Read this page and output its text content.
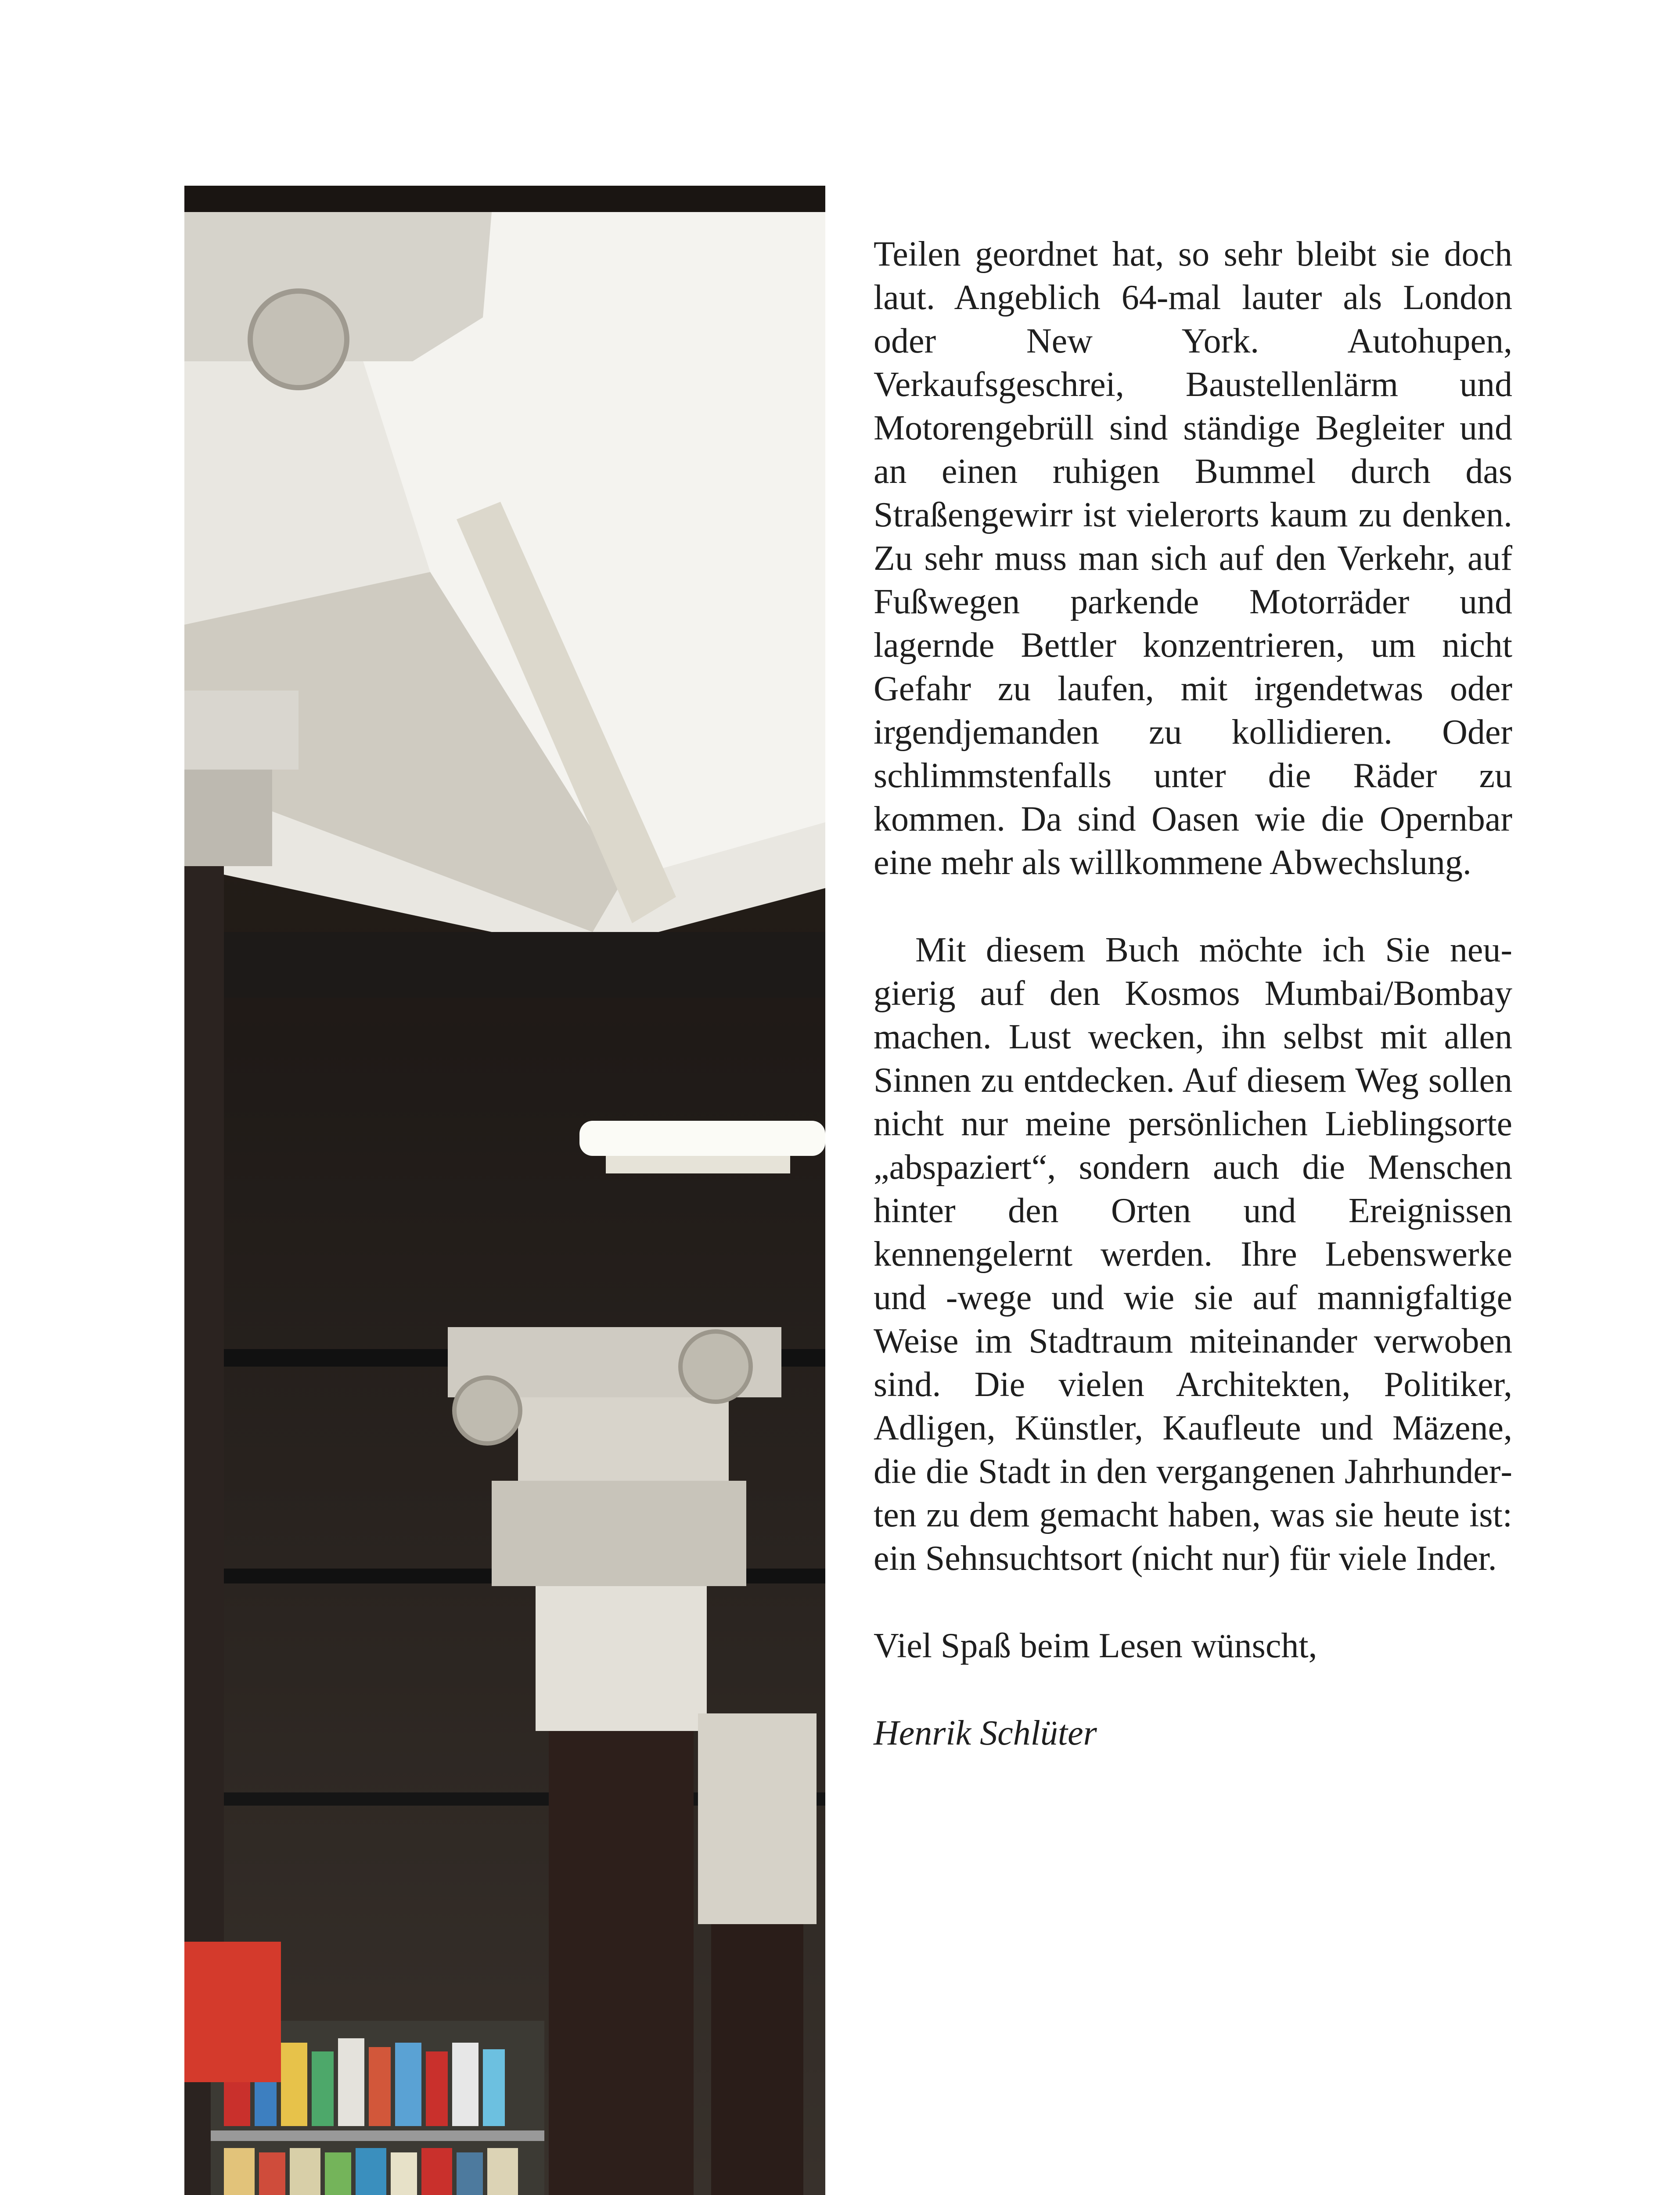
Teilen geordnet hat, so sehr bleibt sie doch laut. Angeblich 64-mal lauter als London oder New York. Autohupen, Verkaufsgeschrei, Baustellenlärm und Motorengebrüll sind ständige Begleiter und an einen ruhigen Bummel durch das Straßengewirr ist vielerorts kaum zu denken. Zu sehr muss man sich auf den Verkehr, auf Fußwegen parkende Motorräder und lagernde Bettler konzentrieren, um nicht Gefahr zu laufen, mit irgendetwas oder irgendjemanden zu kollidieren. Oder schlimmstenfalls unter die Räder zu kommen. Da sind Oasen wie die Opernbar eine mehr als willkommene Abwechslung.

Mit diesem Buch möchte ich Sie neugierig auf den Kosmos Mumbai/Bombay machen. Lust wecken, ihn selbst mit allen Sinnen zu entdecken. Auf diesem Weg sollen nicht nur meine persönlichen Lieblingsorte „abspaziert“, sondern auch die Menschen hinter den Orten und Ereignissen kennengelernt werden. Ihre Lebenswerke und -wege und wie sie auf mannigfaltige Weise im Stadtraum miteinander verwoben sind. Die vielen Architekten, Politiker, Adligen, Künstler, Kaufleute und Mäzene, die die Stadt in den vergangenen Jahrhunderten zu dem gemacht haben, was sie heute ist: ein Sehnsuchtsort (nicht nur) für viele Inder.

Viel Spaß beim Lesen wünscht,

Henrik Schlüter
